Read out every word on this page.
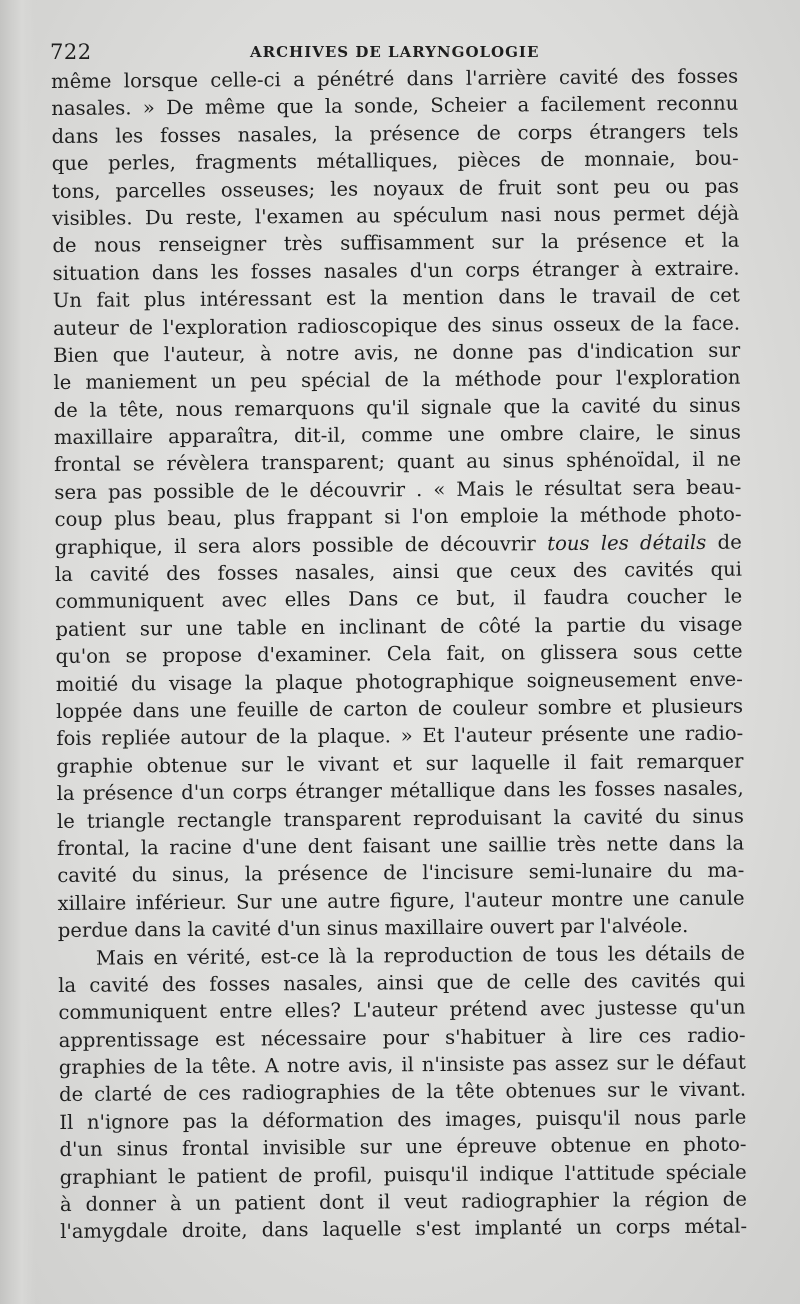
722	ARCHIVES DE LARYNGOLOGIE
même lorsque celle-ci a pénétré dans l'arrière cavité des fosses
nasales. » De même que la sonde, Scheier a facilement reconnu
dans les fosses nasales, la présence de corps étrangers tels
que perles, fragments métalliques, pièces de monnaie, bou-
tons, parcelles osseuses; les noyaux de fruit sont peu ou pas
visibles. Du reste, l'examen au spéculum nasi nous permet déjà
de nous renseigner très suffisamment sur la présence et la
situation dans les fosses nasales d'un corps étranger à extraire.
Un fait plus intéressant est la mention dans le travail de cet
auteur de l'exploration radioscopique des sinus osseux de la face.
Bien que l'auteur, à notre avis, ne donne pas d'indication sur
le maniement un peu spécial de la méthode pour l'exploration
de la tête, nous remarquons qu'il signale que la cavité du sinus
maxillaire apparaîtra, dit-il, comme une ombre claire, le sinus
frontal se révèlera transparent; quant au sinus sphénoïdal, il ne
sera pas possible de le découvrir . « Mais le résultat sera beau-
coup plus beau, plus frappant si l'on emploie la méthode photo-
graphique, il sera alors possible de découvrir tous les détails de
la cavité des fosses nasales, ainsi que ceux des cavités qui
communiquent avec elles Dans ce but, il faudra coucher le
patient sur une table en inclinant de côté la partie du visage
qu'on se propose d'examiner. Cela fait, on glissera sous cette
moitié du visage la plaque photographique soigneusement enve-
loppée dans une feuille de carton de couleur sombre et plusieurs
fois repliée autour de la plaque. » Et l'auteur présente une radio-
graphie obtenue sur le vivant et sur laquelle il fait remarquer
la présence d'un corps étranger métallique dans les fosses nasales,
le triangle rectangle transparent reproduisant la cavité du sinus
frontal, la racine d'une dent faisant une saillie très nette dans la
cavité du sinus, la présence de l'incisure semi-lunaire du ma-
xillaire inférieur. Sur une autre figure, l'auteur montre une canule
perdue dans la cavité d'un sinus maxillaire ouvert par l'alvéole.
Mais en vérité, est-ce là la reproduction de tous les détails de
la cavité des fosses nasales, ainsi que de celle des cavités qui
communiquent entre elles? L'auteur prétend avec justesse qu'un
apprentissage est nécessaire pour s'habituer à lire ces radio-
graphies de la tête. A notre avis, il n'insiste pas assez sur le défaut
de clarté de ces radiographies de la tête obtenues sur le vivant.
Il n'ignore pas la déformation des images, puisqu'il nous parle
d'un sinus frontal invisible sur une épreuve obtenue en photo-
graphiant le patient de profil, puisqu'il indique l'attitude spéciale
à donner à un patient dont il veut radiographier la région de
l'amygdale droite, dans laquelle s'est implanté un corps métal-
